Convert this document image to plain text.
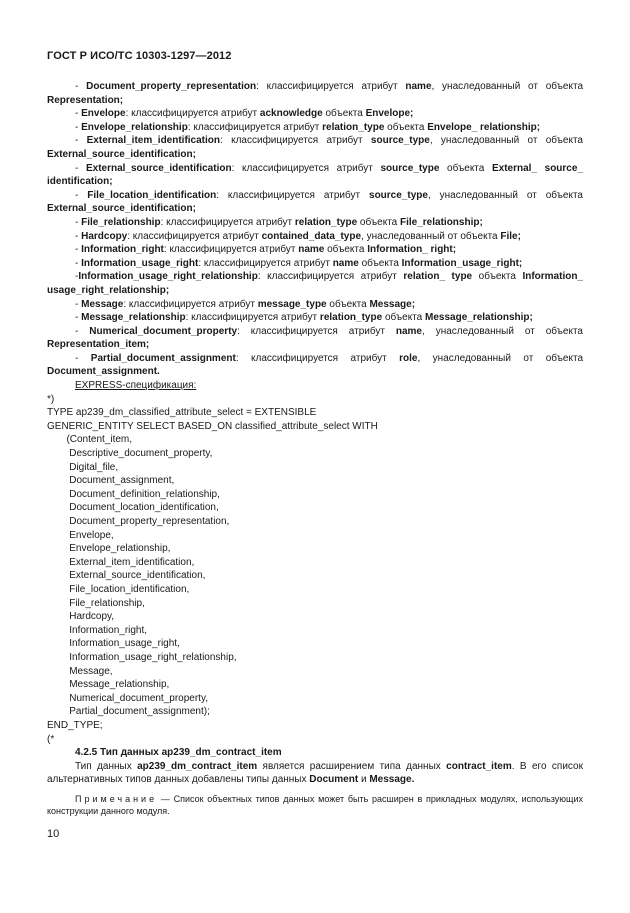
ГОСТ Р ИСО/ТС 10303-1297—2012

- Document_property_representation: классифицируется атрибут name, унаследованный от объекта Representation;

- Envelope: классифицируется атрибут acknowledge объекта Envelope;

- Envelope_relationship: классифицируется атрибут relation_type объекта Envelope_ relationship;

- External_item_identification: классифицируется атрибут source_type, унаследованный от объекта External_source_identification;

- External_source_identification: классифицируется атрибут source_type объекта External_ source_ identification;

- File_location_identification: классифицируется атрибут source_type, унаследованный от объекта External_source_identification;

- File_relationship: классифицируется атрибут relation_type объекта File_relationship;

- Hardcopy: классифицируется атрибут contained_data_type, унаследованный от объекта File;

- Information_right: классифицируется атрибут name объекта Information_ right;

- Information_usage_right: классифицируется атрибут name объекта Information_usage_right;

-Information_usage_right_relationship: классифицируется атрибут relation_ type объекта Information_ usage_right_relationship;

- Message: классифицируется атрибут message_type объекта Message;

- Message_relationship: классифицируется атрибут relation_type объекта Message_relationship;

- Numerical_document_property: классифицируется атрибут name, унаследованный от объекта Representation_item;

- Partial_document_assignment: классифицируется атрибут role, унаследованный от объекта Document_assignment.

EXPRESS-спецификация:

*)
TYPE ap239_dm_classified_attribute_select = EXTENSIBLE
GENERIC_ENTITY SELECT BASED_ON classified_attribute_select WITH
(Content_item,
Descriptive_document_property,
Digital_file,
Document_assignment,
Document_definition_relationship,
Document_location_identification,
Document_property_representation,
Envelope,
Envelope_relationship,
External_item_identification,
External_source_identification,
File_location_identification,
File_relationship,
Hardcopy,
Information_right,
Information_usage_right,
Information_usage_right_relationship,
Message,
Message_relationship,
Numerical_document_property,
Partial_document_assignment);
END_TYPE;
(*

4.2.5 Тип данных ap239_dm_contract_item

Тип данных ap239_dm_contract_item является расширением типа данных contract_item. В его список альтернативных типов данных добавлены типы данных Document и Message.

Примечание — Список объектных типов данных может быть расширен в прикладных модулях, использующих конструкции данного модуля.

10
